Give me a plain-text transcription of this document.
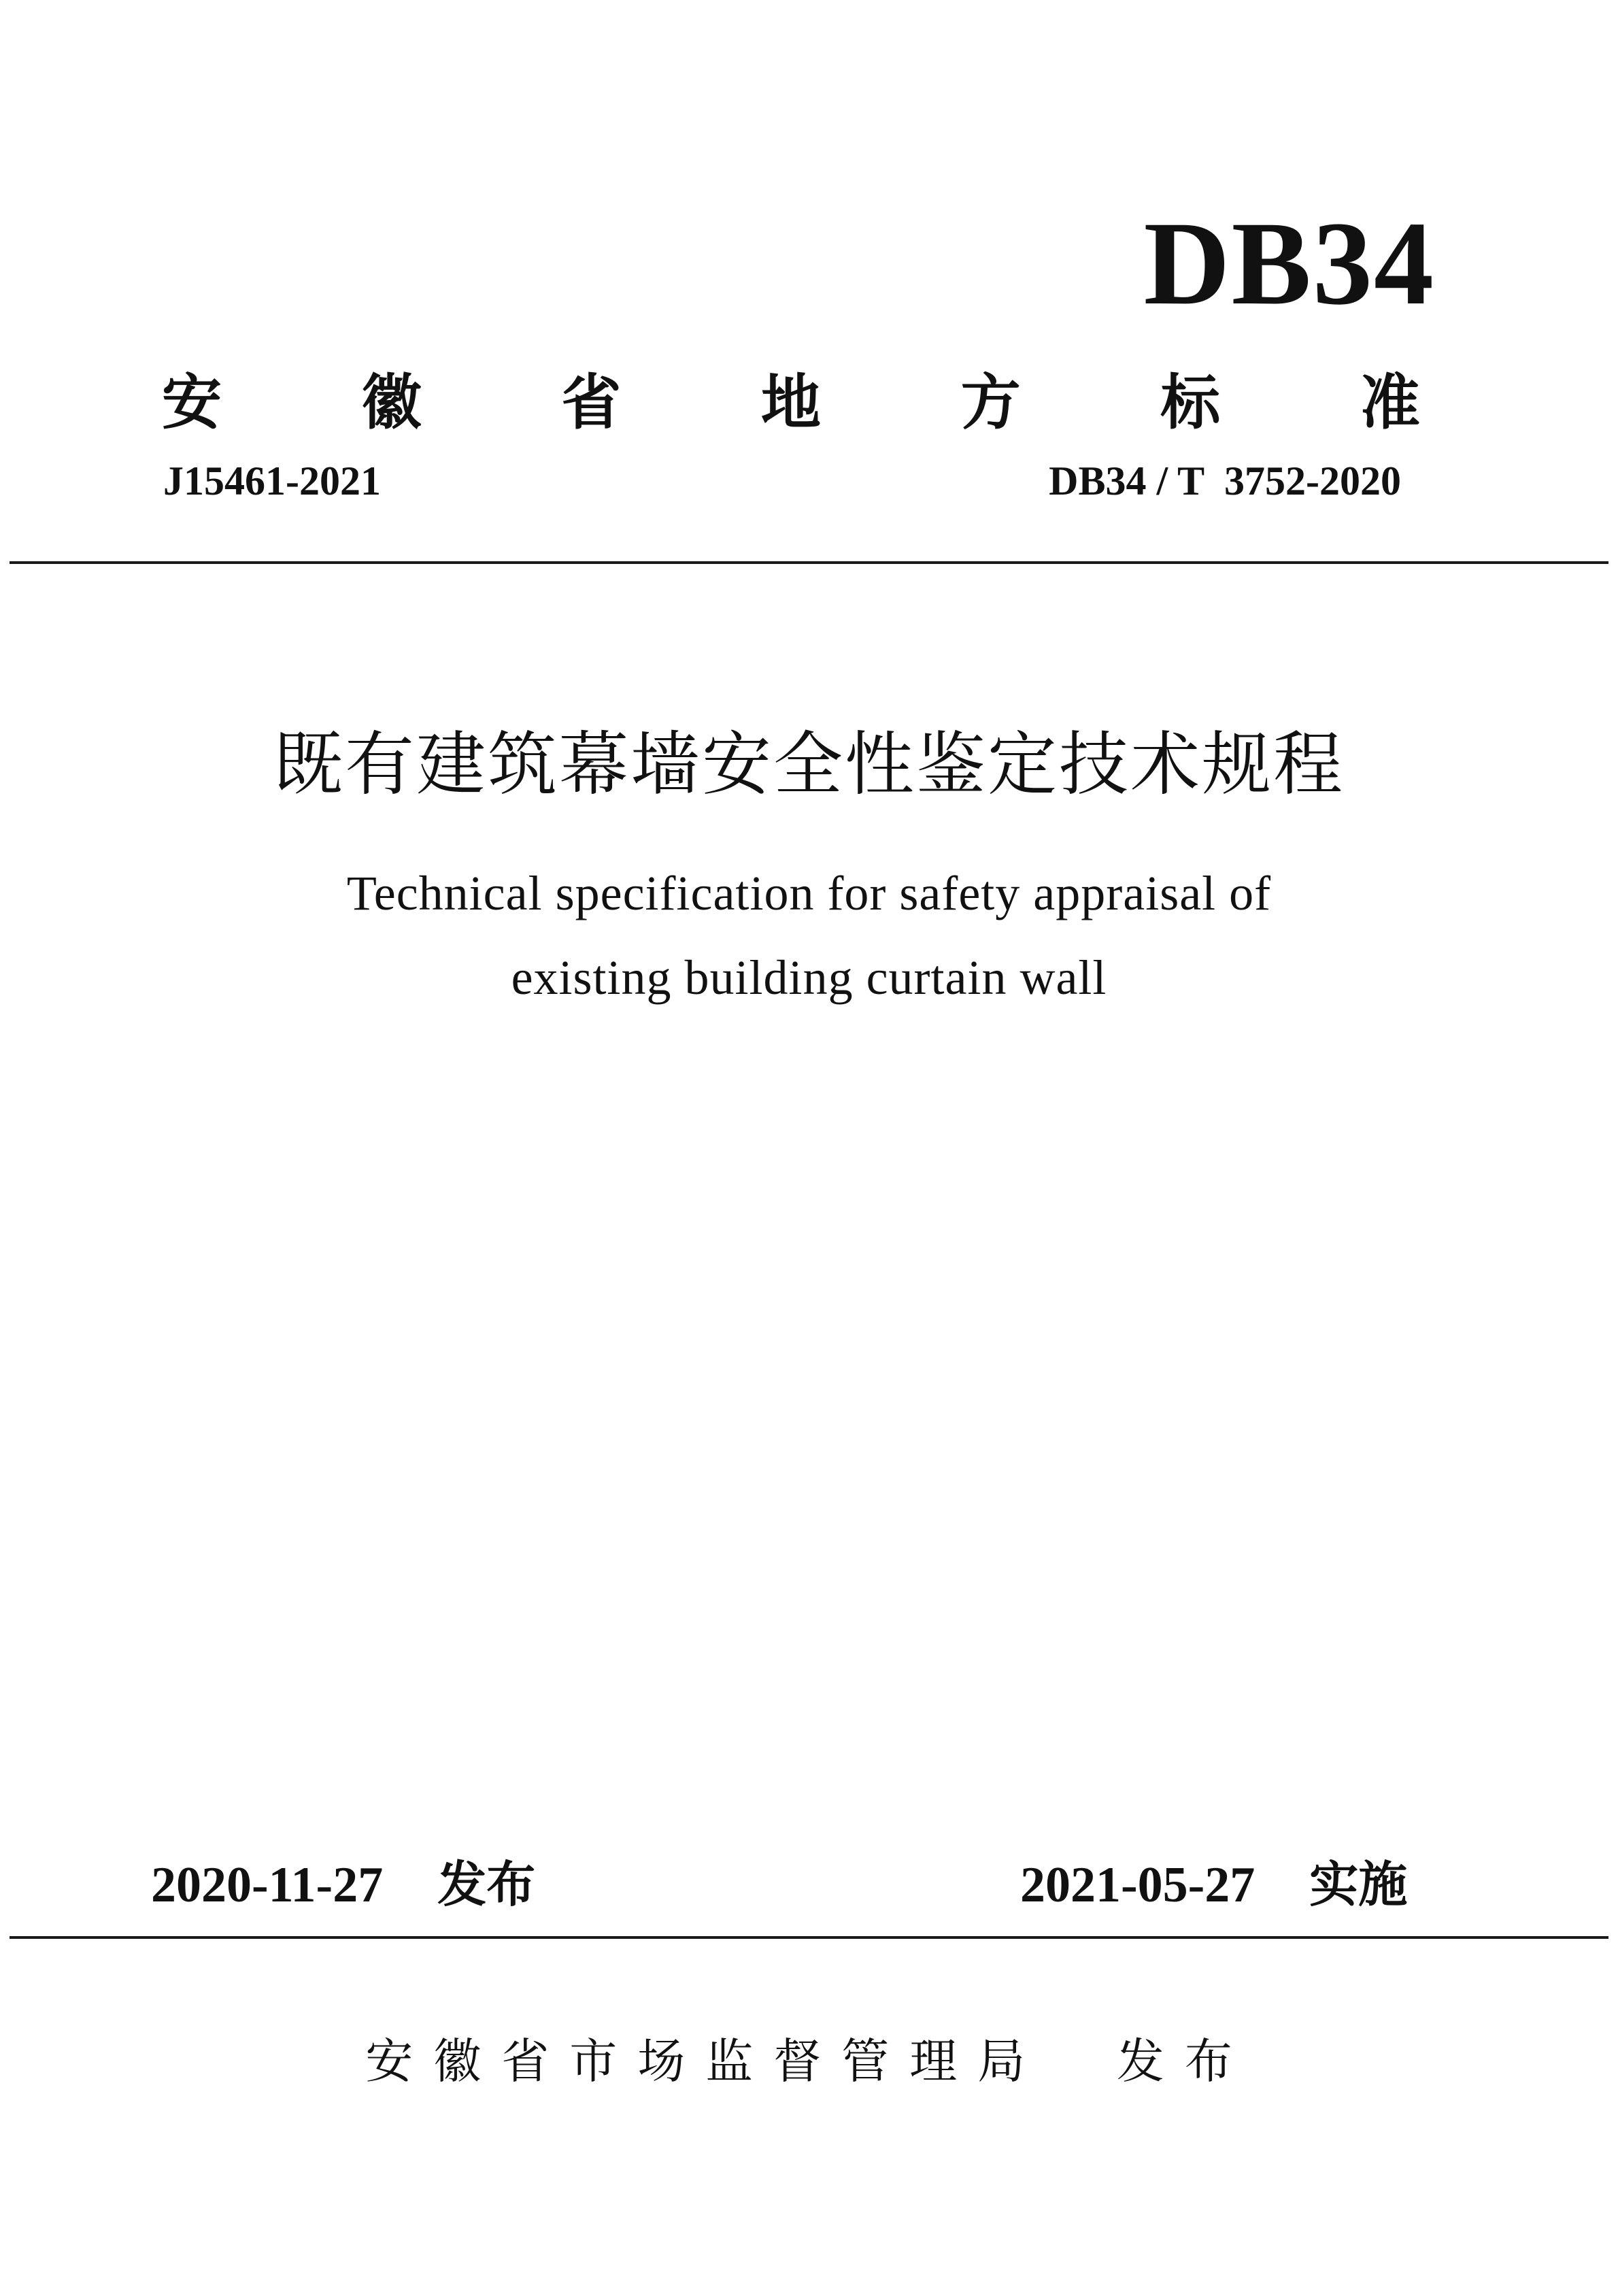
DB34
安 徽 省 地 方 标 准
J15461-2021	DB34 / T  3752-2020
既有建筑幕墙安全性鉴定技术规程
Technical specification for safety appraisal of
existing building curtain wall
2020-11-27 发布	2021-05-27 实施
安徽省市场监督管理局  发布
